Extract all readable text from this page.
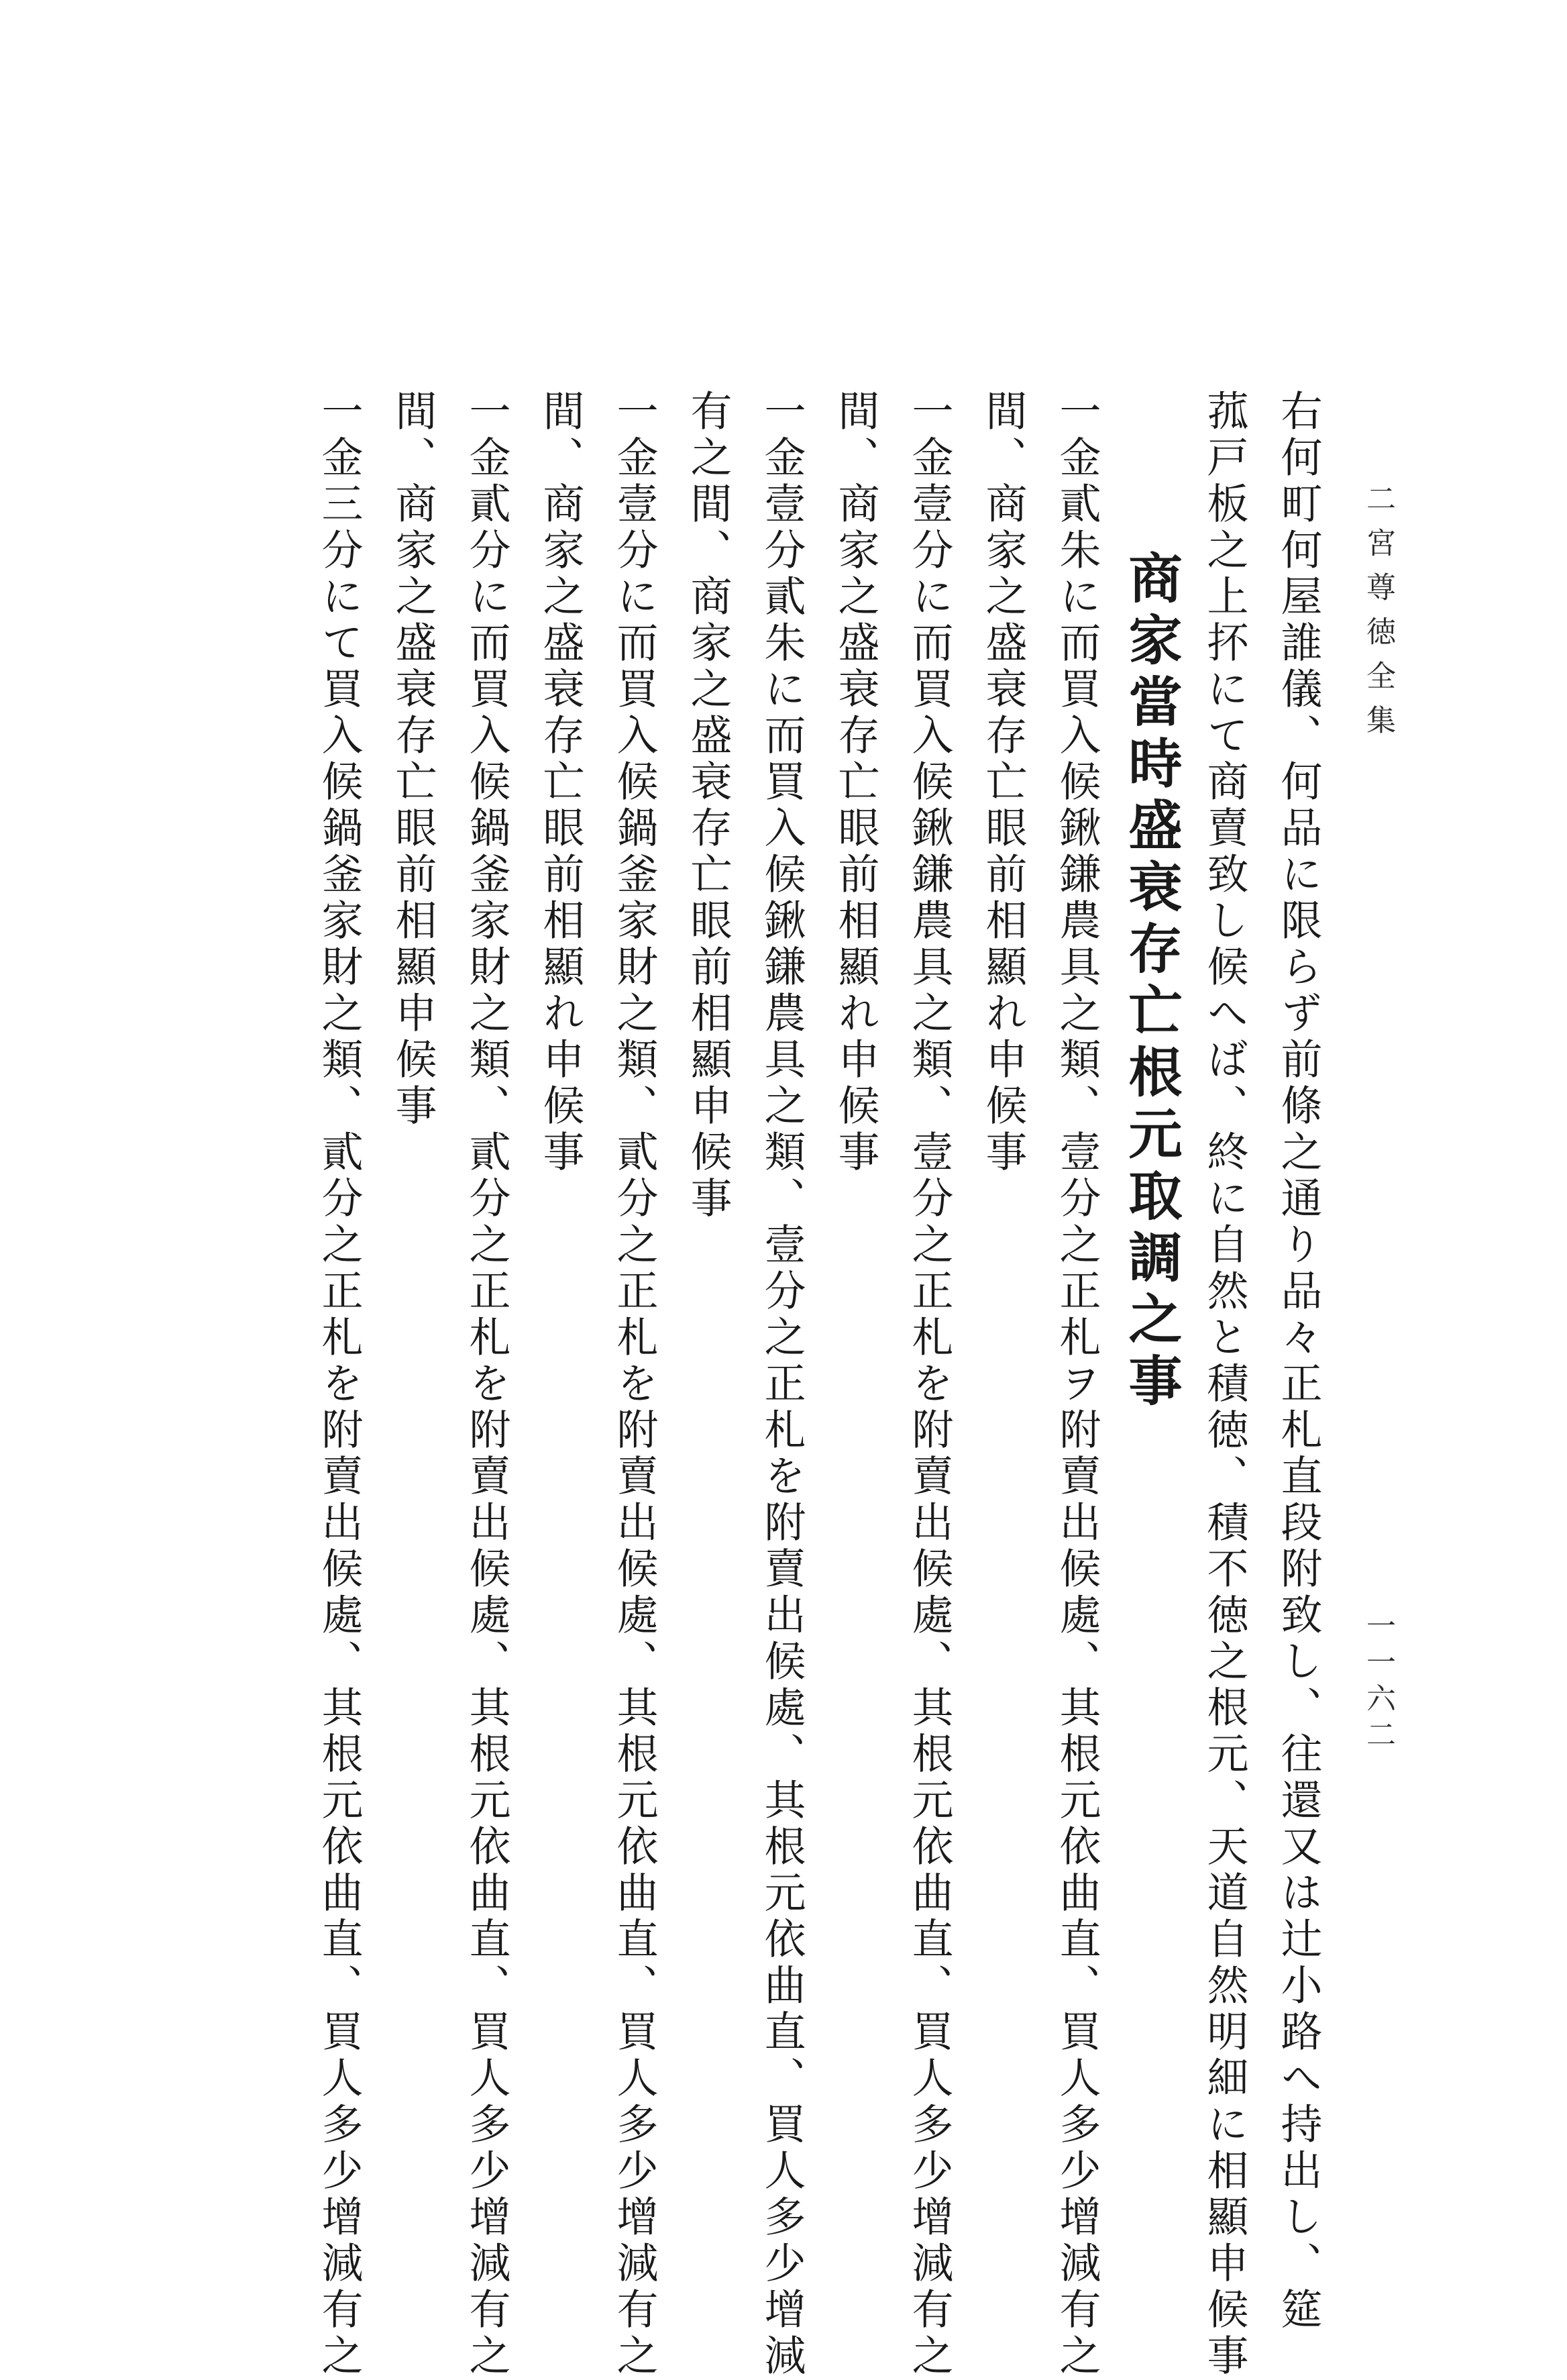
二宮尊徳全集
一一六二
右何町何屋誰儀、何品に限らず前條之通り品々正札直段附致し、往還又は辻小路へ持出し、筵
菰戸板之上抔にて商賣致し候へば、終に自然と積徳、積不徳之根元、天道自然明細に相顯申候事
商家當時盛衰存亡根元取調之事
一金貳朱に而買入候鍬鎌農具之類、壹分之正札ヲ附賣出候處、其根元依曲直、買人多少增減有之
間、商家之盛衰存亡眼前相顯れ申候事
一金壹分に而買入候鍬鎌農具之類、壹分之正札を附賣出候處、其根元依曲直、買人多少增減有之
間、商家之盛衰存亡眼前相顯れ申候事
一金壹分貳朱に而買入候鍬鎌農具之類、壹分之正札を附賣出候處、其根元依曲直、買人多少增減
有之間、商家之盛衰存亡眼前相顯申候事
一金壹分に而買入候鍋釜家財之類、貳分之正札を附賣出候處、其根元依曲直、買人多少增減有之
間、商家之盛衰存亡眼前相顯れ申候事
一金貳分に而買入候鍋釜家財之類、貳分之正札を附賣出候處、其根元依曲直、買人多少增減有之
間、商家之盛衰存亡眼前相顯申候事
一金三分にて買入候鍋釜家財之類、貳分之正札を附賣出候處、其根元依曲直、買人多少增減有之
